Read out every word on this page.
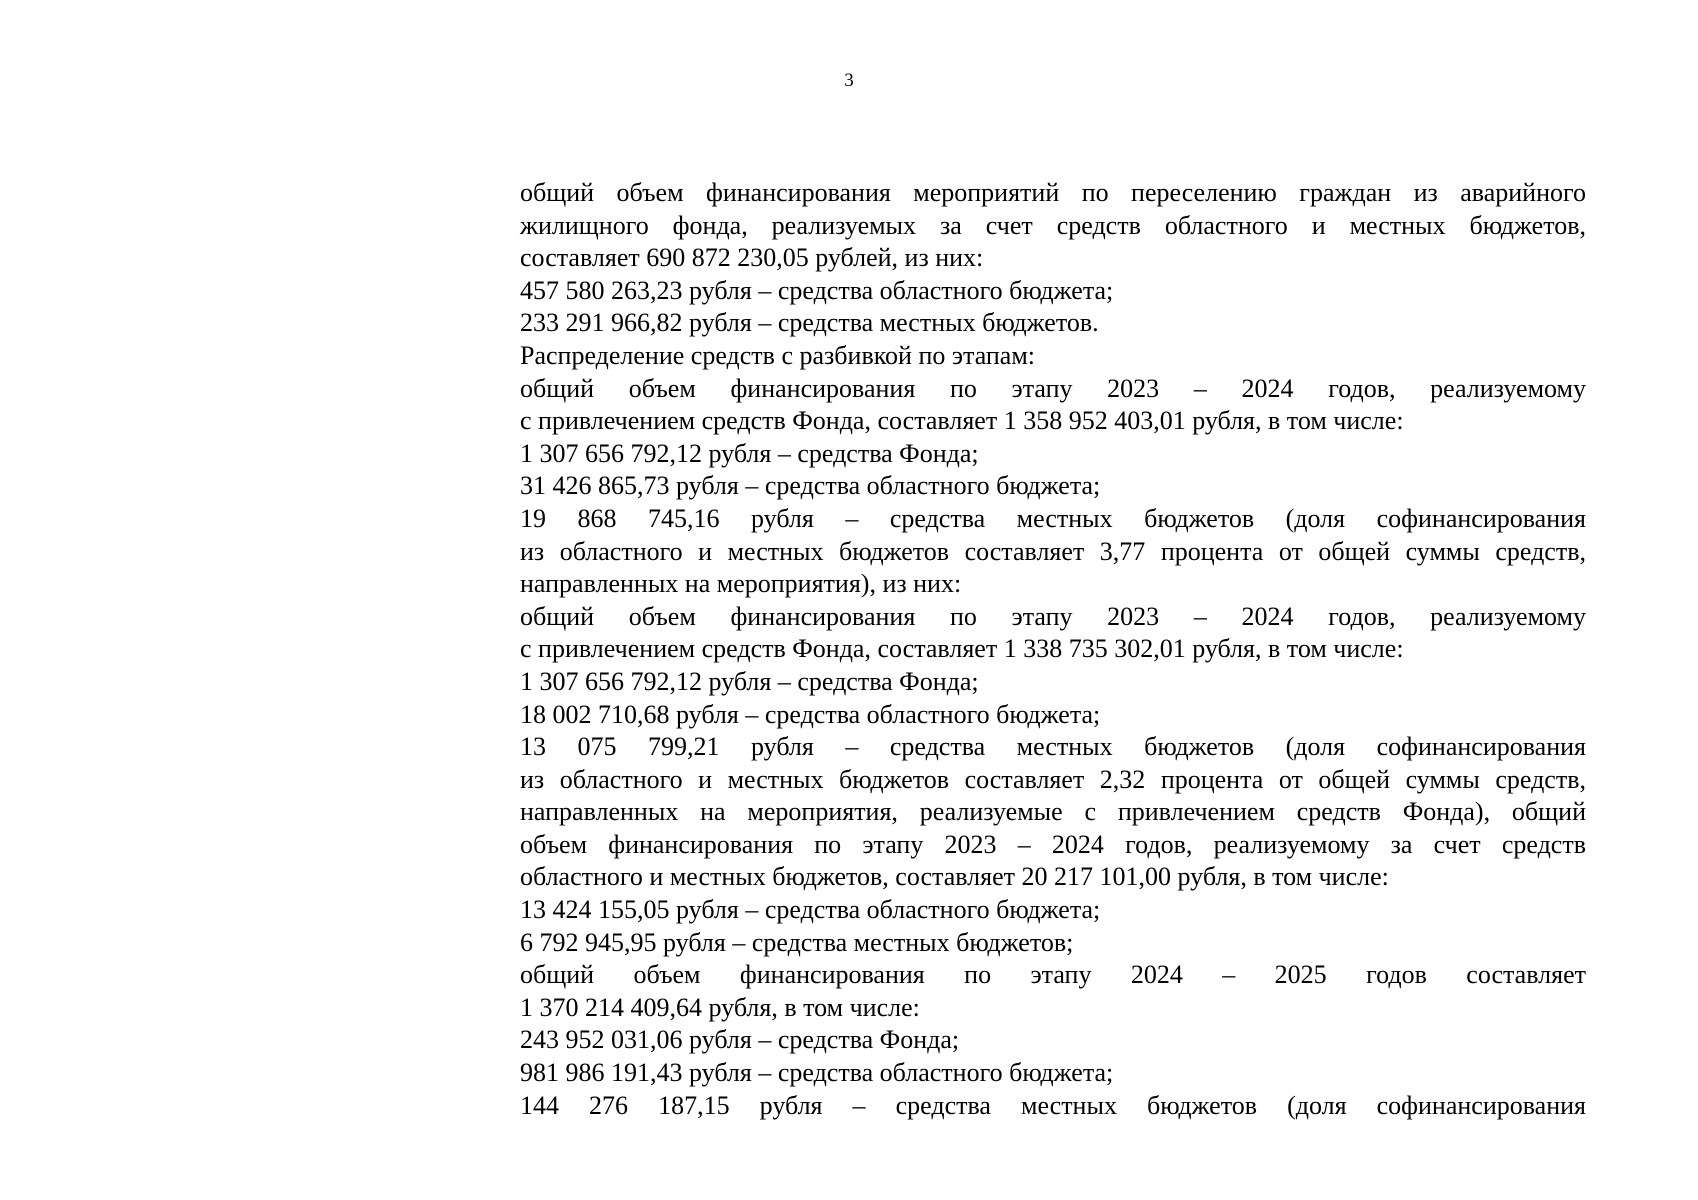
3

общий объем финансирования мероприятий по переселению граждан из аварийного

жилищного фонда, реализуемых за счет средств областного и местных бюджетов,

составляет 690 872 230,05 рублей, из них:

457 580 263,23 рубля – средства областного бюджета;

233 291 966,82 рубля – средства местных бюджетов.

Распределение средств с разбивкой по этапам:

общий объем финансирования по этапу 2023 – 2024 годов, реализуемому

с привлечением средств Фонда, составляет 1 358 952 403,01 рубля, в том числе:

1 307 656 792,12 рубля – средства Фонда;

31 426 865,73 рубля – средства областного бюджета;

19 868 745,16 рубля – средства местных бюджетов (доля софинансирования

из областного и местных бюджетов составляет 3,77 процента от общей суммы средств,

направленных на мероприятия), из них:

общий объем финансирования по этапу 2023 – 2024 годов, реализуемому

с привлечением средств Фонда, составляет 1 338 735 302,01 рубля, в том числе:

1 307 656 792,12 рубля – средства Фонда;

18 002 710,68 рубля – средства областного бюджета;

13 075 799,21 рубля – средства местных бюджетов (доля софинансирования

из областного и местных бюджетов составляет 2,32 процента от общей суммы средств,

направленных на мероприятия, реализуемые с привлечением средств Фонда), общий

объем финансирования по этапу 2023 – 2024 годов, реализуемому за счет средств

областного и местных бюджетов, составляет 20 217 101,00 рубля, в том числе:

13 424 155,05 рубля – средства областного бюджета;

6 792 945,95 рубля – средства местных бюджетов;

общий объем финансирования по этапу 2024 – 2025 годов составляет

1 370 214 409,64 рубля, в том числе:

243 952 031,06 рубля – средства Фонда;

981 986 191,43 рубля – средства областного бюджета;

144 276 187,15 рубля – средства местных бюджетов (доля софинансирования
